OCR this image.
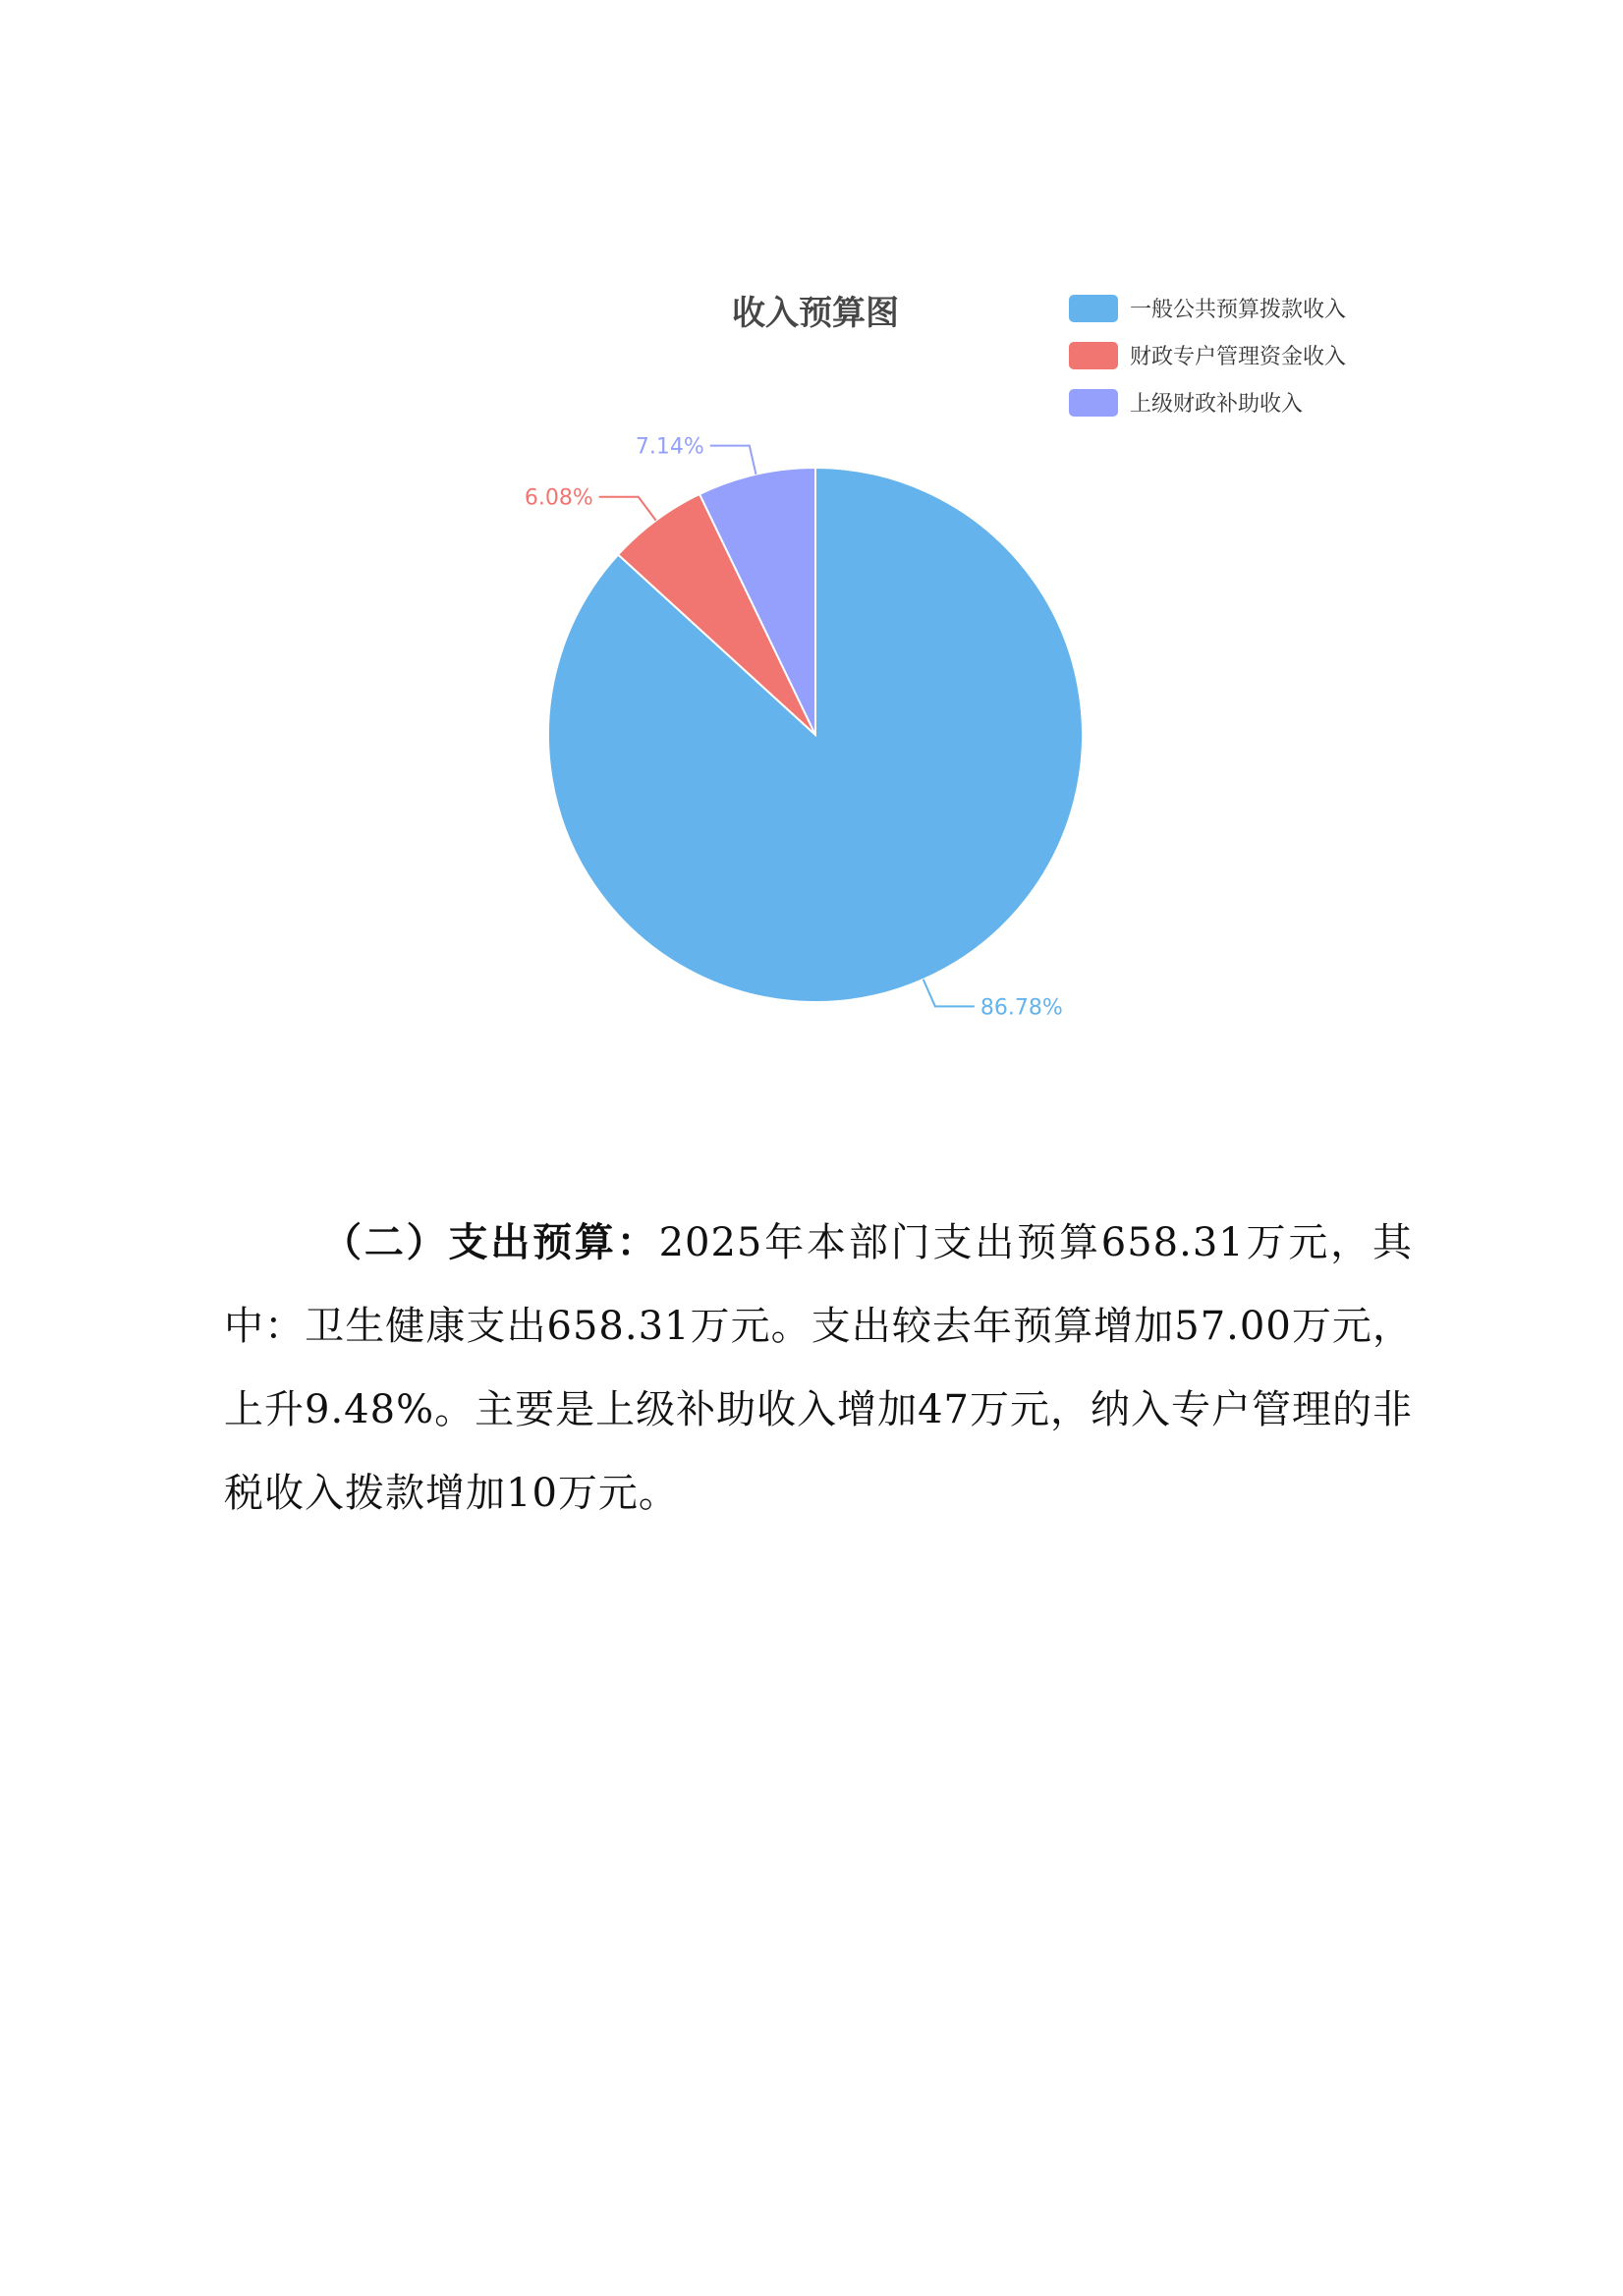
收入预算图
86.78%
6.08%
7.14%
一般公共预算拨款收入
财政专户管理资金收入
上级财政补助收入

（二）支出预算：2025年本部门支出预算658.31万元，其中：卫生健康支出658.31万元。支出较去年预算增加57.00万元，上升9.48%。主要是上级补助收入增加47万元，纳入专户管理的非税收入拨款增加10万元。
